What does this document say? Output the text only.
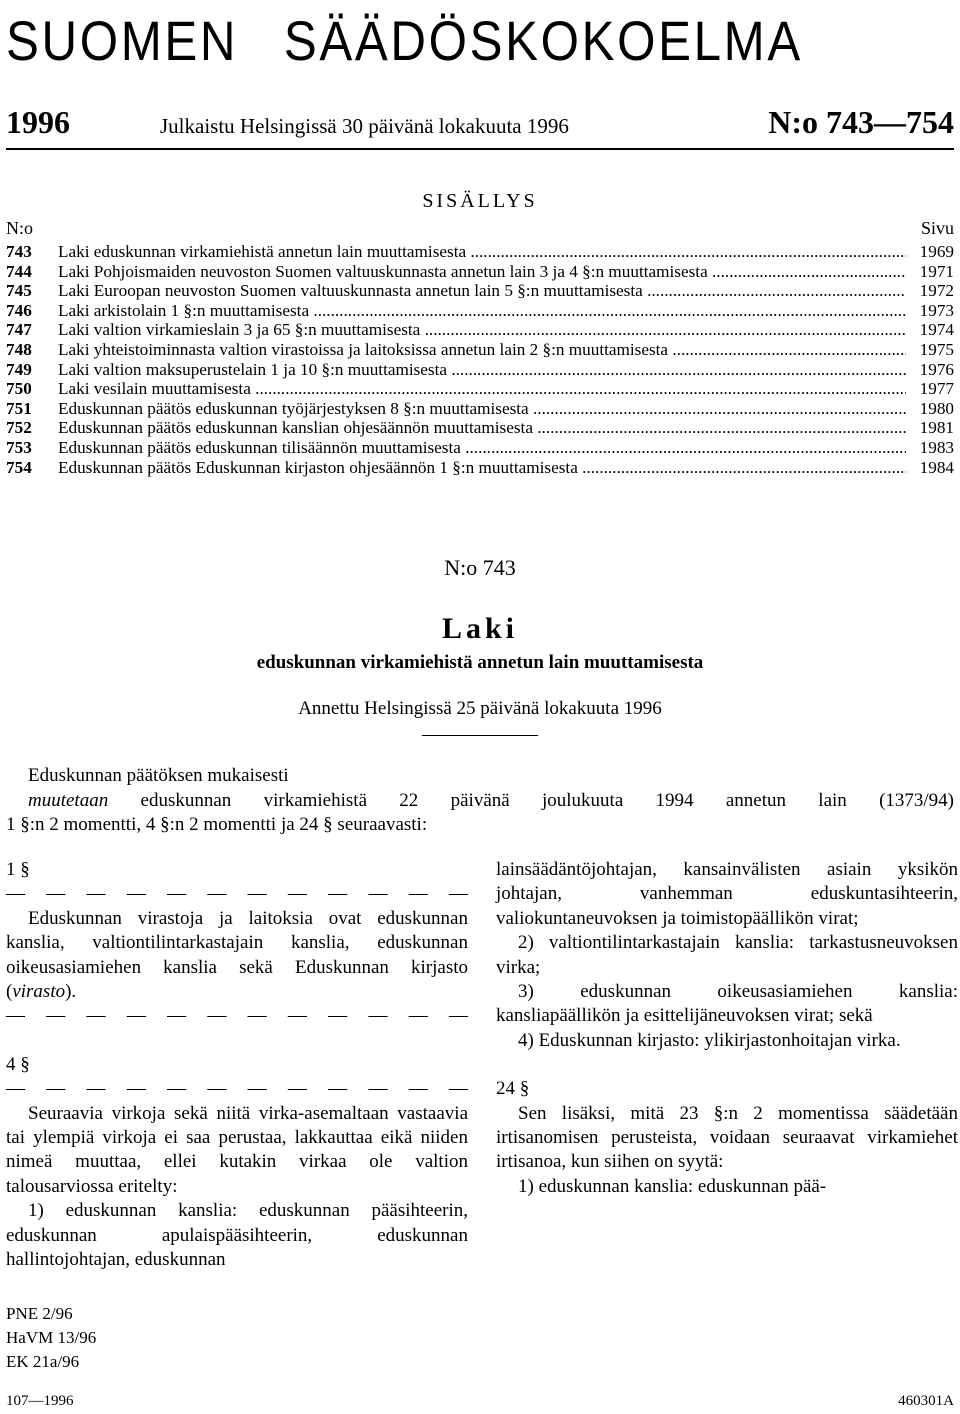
SUOMEN SÄÄDÖSKOKOELMA
1996	Julkaistu Helsingissä 30 päivänä lokakuuta 1996	N:o 743—754
SISÄLLYS
N:o	Sivu
743	Laki eduskunnan virkamiehistä annetun lain muuttamisesta .....	1969
744	Laki Pohjoismaiden neuvoston Suomen valtuuskunnasta annetun lain 3 ja 4 §:n muuttamisesta .....	1971
745	Laki Euroopan neuvoston Suomen valtuuskunnasta annetun lain 5 §:n muuttamisesta .....	1972
746	Laki arkistolain 1 §:n muuttamisesta .....	1973
747	Laki valtion virkamieslain 3 ja 65 §:n muuttamisesta .....	1974
748	Laki yhteistoiminnasta valtion virastoissa ja laitoksissa annetun lain 2 §:n muuttamisesta .....	1975
749	Laki valtion maksuperustelain 1 ja 10 §:n muuttamisesta .....	1976
750	Laki vesilain muuttamisesta .....	1977
751	Eduskunnan päätös eduskunnan työjärjestyksen 8 §:n muuttamisesta .....	1980
752	Eduskunnan päätös eduskunnan kanslian ohjesäännön muuttamisesta .....	1981
753	Eduskunnan päätös eduskunnan tilisäännön muuttamisesta .....	1983
754	Eduskunnan päätös Eduskunnan kirjaston ohjesäännön 1 §:n muuttamisesta .....	1984
N:o 743
Laki
eduskunnan virkamiehistä annetun lain muuttamisesta
Annettu Helsingissä 25 päivänä lokakuuta 1996
Eduskunnan päätöksen mukaisesti
muutetaan eduskunnan virkamiehistä 22 päivänä joulukuuta 1994 annetun lain (1373/94)
1 §:n 2 momentti, 4 §:n 2 momentti ja 24 § seuraavasti:

1 §

— — — — — — — — — — — —

Eduskunnan virastoja ja laitoksia ovat eduskunnan kanslia, valtiontilintarkastajain kanslia, eduskunnan oikeusasiamiehen kanslia sekä Eduskunnan kirjasto (virasto).

— — — — — — — — — — — —

4 §

— — — — — — — — — — — —

Seuraavia virkoja sekä niitä virka-asemaltaan vastaavia tai ylempiä virkoja ei saa perustaa, lakkauttaa eikä niiden nimeä muuttaa, ellei kutakin virkaa ole valtion talousarviossa eritelty:

1) eduskunnan kanslia: eduskunnan pääsihteerin, eduskunnan apulaispääsihteerin, eduskunnan hallintojohtajan, eduskunnan

lainsäädäntöjohtajan, kansainvälisten asiain yksikön johtajan, vanhemman eduskuntasihteerin, valiokuntaneuvoksen ja toimistopäällikön virat;

2) valtiontilintarkastajain kanslia: tarkastusneuvoksen virka;

3) eduskunnan oikeusasiamiehen kanslia: kansliapäällikön ja esittelijäneuvoksen virat; sekä

4) Eduskunnan kirjasto: ylikirjastonhoitajan virka.

24 §

Sen lisäksi, mitä 23 §:n 2 momentissa säädetään irtisanomisen perusteista, voidaan seuraavat virkamiehet irtisanoa, kun siihen on syytä:

1) eduskunnan kanslia: eduskunnan pää-

PNE 2/96
HaVM 13/96
EK 21a/96
107—1996	460301A
